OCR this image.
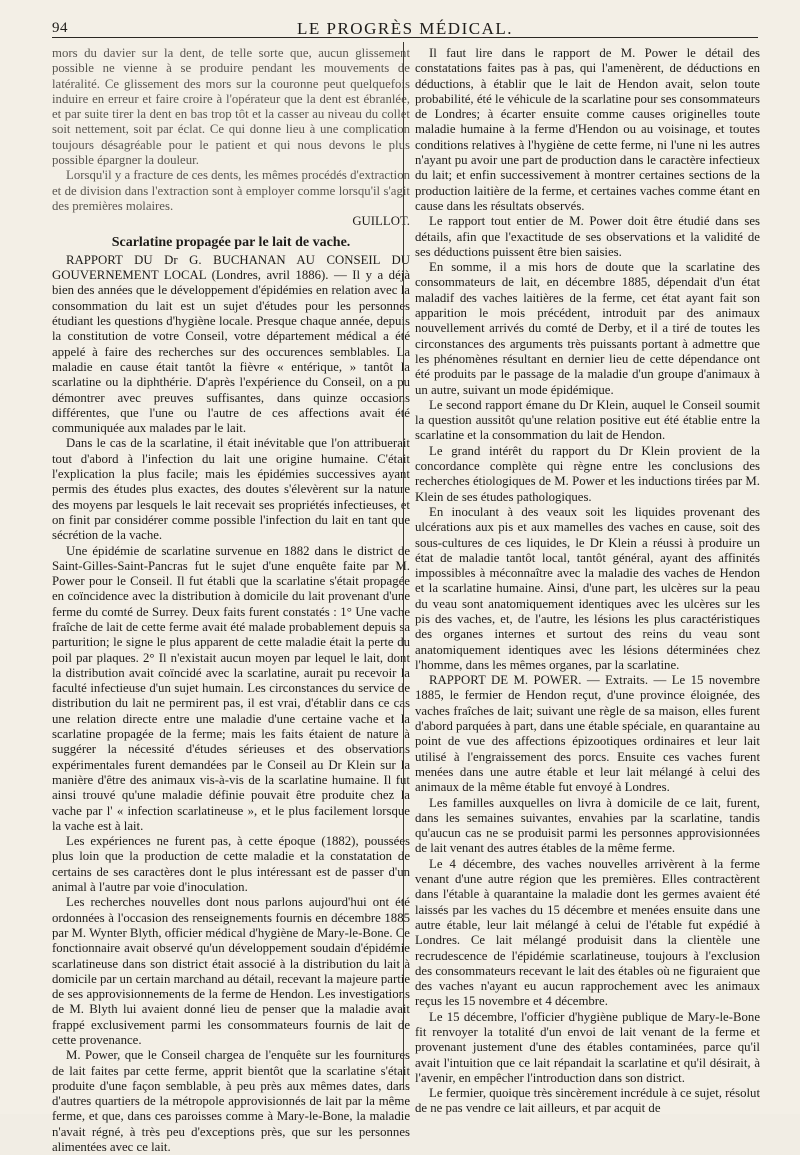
94	LE PROGRÈS MÉDICAL.

mors du davier sur la dent, de telle sorte que, aucun glissement possible ne vienne à se produire pendant les mouvements de latéralité. Ce glissement des mors sur la couronne peut quelquefois induire en erreur et faire croire à l'opérateur que la dent est ébranlée, et par suite tirer la dent en bas trop tôt et la casser au niveau du collet soit nettement, soit par éclat. Ce qui donne lieu à une complication toujours désagréable pour le patient et qui nous devons le plus possible épargner la douleur.

Lorsqu'il y a fracture de ces dents, les mêmes procédés d'extraction et de division dans l'extraction sont à employer comme lorsqu'il s'agit des premières molaires.

GUILLOT.

Scarlatine propagée par le lait de vache.

RAPPORT DU Dr G. BUCHANAN AU CONSEIL DU GOUVERNEMENT LOCAL (Londres, avril 1886). — Il y a déjà bien des années que le développement d'épidémies en relation avec la consommation du lait est un sujet d'études pour les personnes étudiant les questions d'hygiène locale. Presque chaque année, depuis la constitution de votre Conseil, votre département médical a été appelé à faire des recherches sur des occurences semblables. La maladie en cause était tantôt la fièvre « entérique, » tantôt la scarlatine ou la diphthérie. D'après l'expérience du Conseil, on a pu démontrer avec preuves suffisantes, dans quinze occasions différentes, que l'une ou l'autre de ces affections avait été communiquée aux malades par le lait.

Dans le cas de la scarlatine, il était inévitable que l'on attribuerait tout d'abord à l'infection du lait une origine humaine. C'était l'explication la plus facile; mais les épidémies successives ayant permis des études plus exactes, des doutes s'élevèrent sur la nature des moyens par lesquels le lait recevait ses propriétés infectieuses, et on finit par considérer comme possible l'infection du lait en tant que sécrétion de la vache.

Une épidémie de scarlatine survenue en 1882 dans le district de Saint-Gilles-Saint-Pancras fut le sujet d'une enquête faite par M. Power pour le Conseil. Il fut établi que la scarlatine s'était propagée en coïncidence avec la distribution à domicile du lait provenant d'une ferme du comté de Surrey. Deux faits furent constatés : 1° Une vache fraîche de lait de cette ferme avait été malade probablement depuis sa parturition; le signe le plus apparent de cette maladie était la perte du poil par plaques. 2° Il n'existait aucun moyen par lequel le lait, dont la distribution avait coïncidé avec la scarlatine, aurait pu recevoir la faculté infectieuse d'un sujet humain. Les circonstances du service de distribution du lait ne permirent pas, il est vrai, d'établir dans ce cas une relation directe entre une maladie d'une certaine vache et la scarlatine propagée de la ferme; mais les faits étaient de nature à suggérer la nécessité d'études sérieuses et des observations expérimentales furent demandées par le Conseil au Dr Klein sur la manière d'être des animaux vis-à-vis de la scarlatine humaine. Il fut ainsi trouvé qu'une maladie définie pouvait être produite chez la vache par l' « infection scarlatineuse », et le plus facilement lorsque la vache est à lait.

Les expériences ne furent pas, à cette époque (1882), poussées plus loin que la production de cette maladie et la constatation de certains de ses caractères dont le plus intéressant est de passer d'un animal à l'autre par voie d'inoculation.

Les recherches nouvelles dont nous parlons aujourd'hui ont été ordonnées à l'occasion des renseignements fournis en décembre 1885 par M. Wynter Blyth, officier médical d'hygiène de Mary-le-Bone. Ce fonctionnaire avait observé qu'un développement soudain d'épidémie scarlatineuse dans son district était associé à la distribution du lait à domicile par un certain marchand au détail, recevant la majeure partie de ses approvisionnements de la ferme de Hendon. Les investigations de M. Blyth lui avaient donné lieu de penser que la maladie avait frappé exclusivement parmi les consommateurs fournis de lait de cette provenance.

M. Power, que le Conseil chargea de l'enquête sur les fournitures de lait faites par cette ferme, apprit bientôt que la scarlatine s'était produite d'une façon semblable, à peu près aux mêmes dates, dans d'autres quartiers de la métropole approvisionnés de lait par la même ferme, et que, dans ces paroisses comme à Mary-le-Bone, la maladie n'avait régné, à très peu d'exceptions près, que sur les personnes alimentées avec ce lait.

Il faut lire dans le rapport de M. Power le détail des constatations faites pas à pas, qui l'amenèrent, de déductions en déductions, à établir que le lait de Hendon avait, selon toute probabilité, été le véhicule de la scarlatine pour ses consommateurs de Londres; à écarter ensuite comme causes originelles toute maladie humaine à la ferme d'Hendon ou au voisinage, et toutes conditions relatives à l'hygiène de cette ferme, ni l'une ni les autres n'ayant pu avoir une part de production dans le caractère infectieux du lait; et enfin successivement à montrer certaines sections de la production laitière de la ferme, et certaines vaches comme étant en cause dans les résultats observés.

Le rapport tout entier de M. Power doit être étudié dans ses détails, afin que l'exactitude de ses observations et la validité de ses déductions puissent être bien saisies.

En somme, il a mis hors de doute que la scarlatine des consommateurs de lait, en décembre 1885, dépendait d'un état maladif des vaches laitières de la ferme, cet état ayant fait son apparition le mois précédent, introduit par des animaux nouvellement arrivés du comté de Derby, et il a tiré de toutes les circonstances des arguments très puissants portant à admettre que les phénomènes résultant en dernier lieu de cette dépendance ont été produits par le passage de la maladie d'un groupe d'animaux à un autre, suivant un mode épidémique.

Le second rapport émane du Dr Klein, auquel le Conseil soumit la question aussitôt qu'une relation positive eut été établie entre la scarlatine et la consommation du lait de Hendon.

Le grand intérêt du rapport du Dr Klein provient de la concordance complète qui règne entre les conclusions des recherches étiologiques de M. Power et les inductions tirées par M. Klein de ses études pathologiques.

En inoculant à des veaux soit les liquides provenant des ulcérations aux pis et aux mamelles des vaches en cause, soit des sous-cultures de ces liquides, le Dr Klein a réussi à produire un état de maladie tantôt local, tantôt général, ayant des affinités impossibles à méconnaître avec la maladie des vaches de Hendon et la scarlatine humaine. Ainsi, d'une part, les ulcères sur la peau du veau sont anatomiquement identiques avec les ulcères sur les pis des vaches, et, de l'autre, les lésions les plus caractéristiques des organes internes et surtout des reins du veau sont anatomiquement identiques avec les lésions déterminées chez l'homme, dans les mêmes organes, par la scarlatine.

RAPPORT DE M. POWER. — Extraits. — Le 15 novembre 1885, le fermier de Hendon reçut, d'une province éloignée, des vaches fraîches de lait; suivant une règle de sa maison, elles furent d'abord parquées à part, dans une étable spéciale, en quarantaine au point de vue des affections épizootiques ordinaires et leur lait utilisé à l'engraissement des porcs. Ensuite ces vaches furent menées dans une autre étable et leur lait mélangé à celui des animaux de la même étable fut envoyé à Londres.

Les familles auxquelles on livra à domicile de ce lait, furent, dans les semaines suivantes, envahies par la scarlatine, tandis qu'aucun cas ne se produisit parmi les personnes approvisionnées de lait venant des autres étables de la même ferme.

Le 4 décembre, des vaches nouvelles arrivèrent à la ferme venant d'une autre région que les premières. Elles contractèrent dans l'étable à quarantaine la maladie dont les germes avaient été laissés par les vaches du 15 décembre et menées ensuite dans une autre étable, leur lait mélangé à celui de l'étable fut expédié à Londres. Ce lait mélangé produisit dans la clientèle une recrudescence de l'épidémie scarlatineuse, toujours à l'exclusion des consommateurs recevant le lait des étables où ne figuraient que des vaches n'ayant eu aucun rapprochement avec les animaux reçus les 15 novembre et 4 décembre.

Le 15 décembre, l'officier d'hygiène publique de Mary-le-Bone fit renvoyer la totalité d'un envoi de lait venant de la ferme et provenant justement d'une des étables contaminées, parce qu'il avait l'intuition que ce lait répandait la scarlatine et qu'il désirait, à l'avenir, en empêcher l'introduction dans son district.

Le fermier, quoique très sincèrement incrédule à ce sujet, résolut de ne pas vendre ce lait ailleurs, et par acquit de
